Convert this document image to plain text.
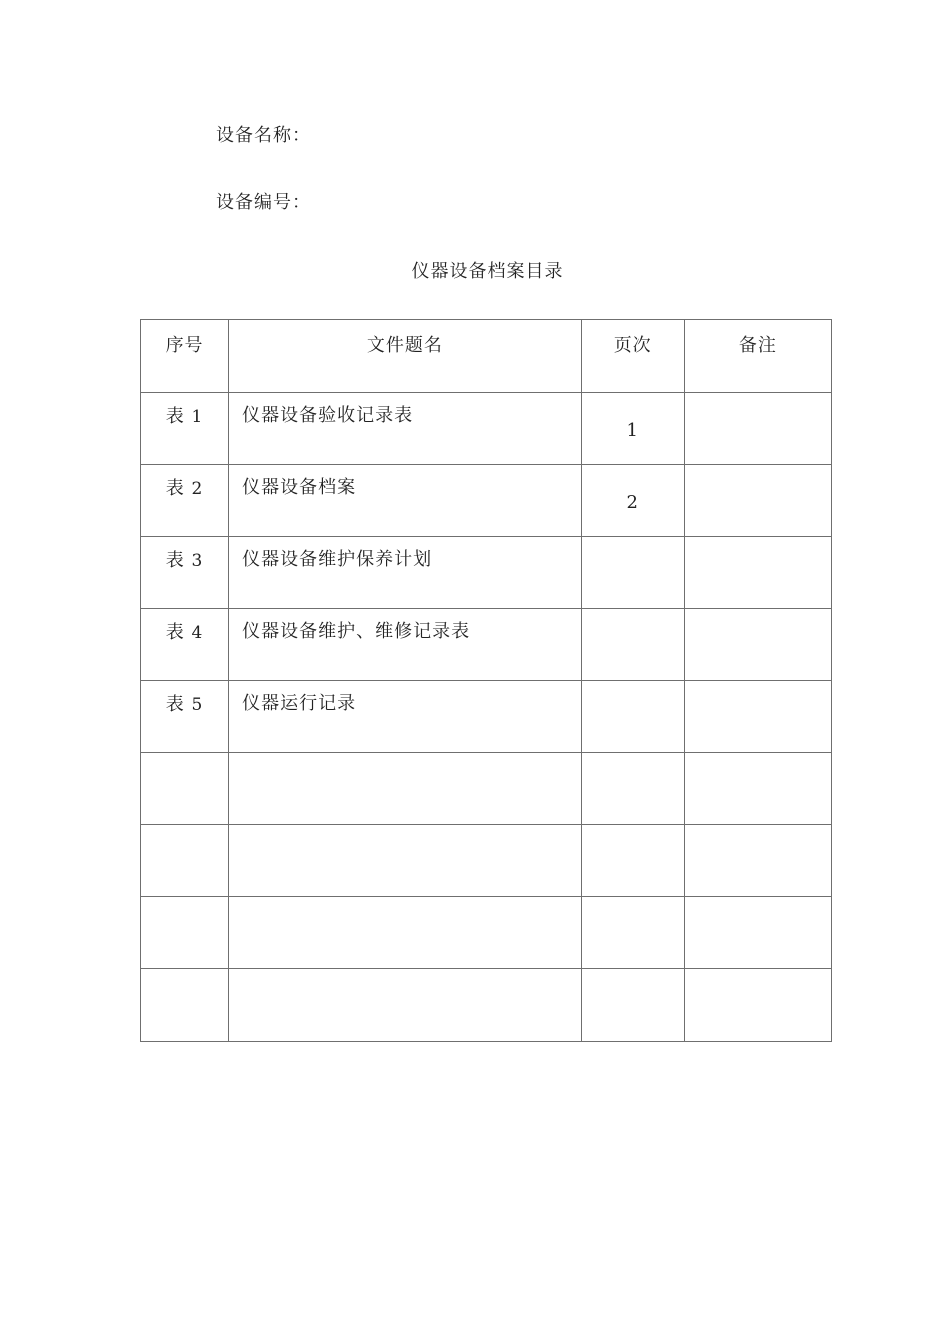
设备名称：
设备编号：
仪器设备档案目录
序号	文件题名	页次	备注
表 1	仪器设备验收记录表	1	
表 2	仪器设备档案	2	
表 3	仪器设备维护保养计划		
表 4	仪器设备维护、维修记录表		
表 5	仪器运行记录		
